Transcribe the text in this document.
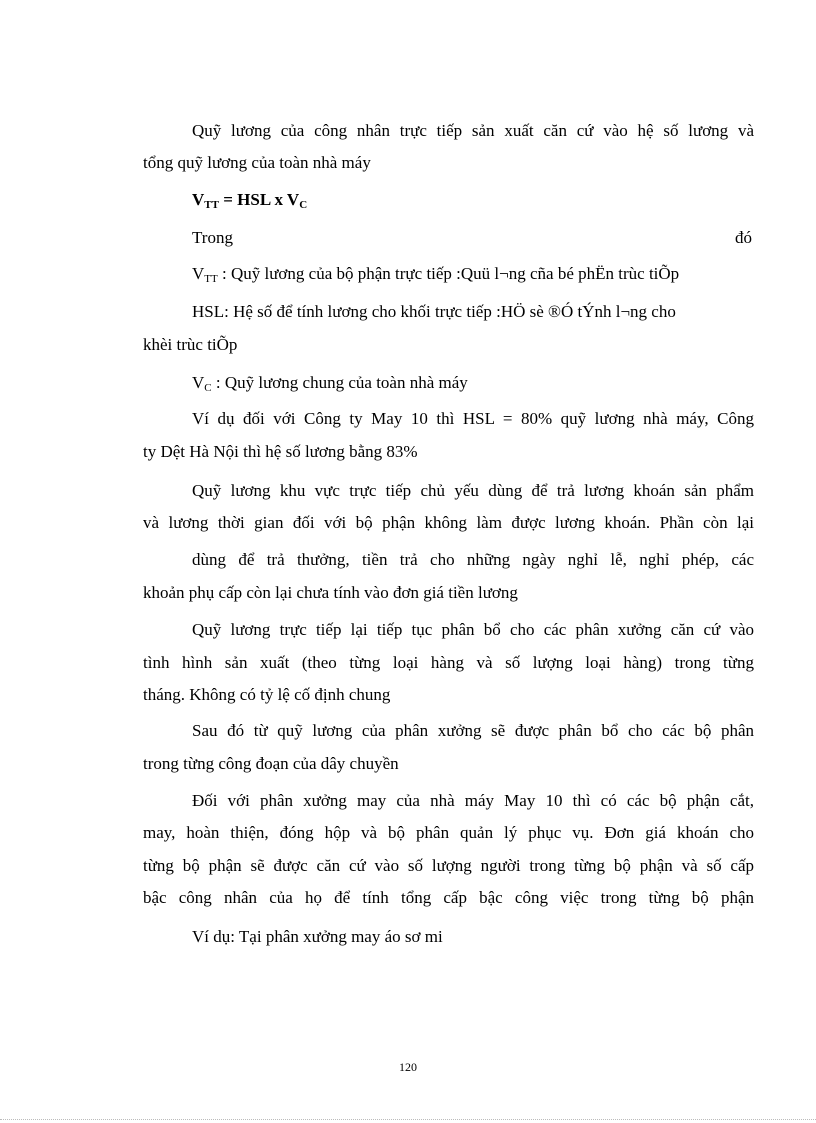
Quỹ lương của công nhân trực tiếp sản xuất căn cứ vào hệ số lương và
tổng quỹ lương của toàn nhà máy
$V_{TT}$ = HSL x $V_C$
Trong	đó
$V_{TT}$ : Quỹ lương của bộ phận trực tiếp :Quü l¬ng cña bé phËn trùc tiÕp
HSL: Hệ số để tính lương cho khối trực tiếp :HÖ sè ®Ó tÝnh l¬ng cho
khèi trùc tiÕp
$V_C$ : Quỹ lương chung của toàn nhà máy
Ví dụ đối với Công ty May 10 thì HSL = 80% quỹ lương nhà máy, Công
ty Dệt Hà Nội thì hệ số lương bằng 83%
Quỹ lương khu vực trực tiếp chủ yếu dùng để trả lương khoán sản phẩm
và lương thời gian đối với bộ phận không làm được lương khoán. Phần còn lại
dùng để trả thưởng, tiền trả cho những ngày nghỉ lễ, nghỉ phép, các
khoản phụ cấp còn lại chưa tính vào đơn giá tiền lương
Quỹ lương trực tiếp lại tiếp tục phân bổ cho các phân xưởng căn cứ vào
tình hình sản xuất (theo từng loại hàng và số lượng loại hàng) trong từng
tháng. Không có tỷ lệ cố định chung
Sau đó từ quỹ lương của phân xưởng sẽ được phân bổ cho các bộ phân
trong từng công đoạn của dây chuyền
Đối với phân xưởng may của nhà máy May 10 thì có các bộ phận cắt,
may, hoàn thiện, đóng hộp và bộ phân quản lý phục vụ. Đơn giá khoán cho
từng bộ phận sẽ được căn cứ vào số lượng người trong từng bộ phận và số cấp
bậc công nhân của họ để tính tổng cấp bậc công việc trong từng bộ phận
Ví dụ: Tại phân xưởng may áo sơ mi
120
